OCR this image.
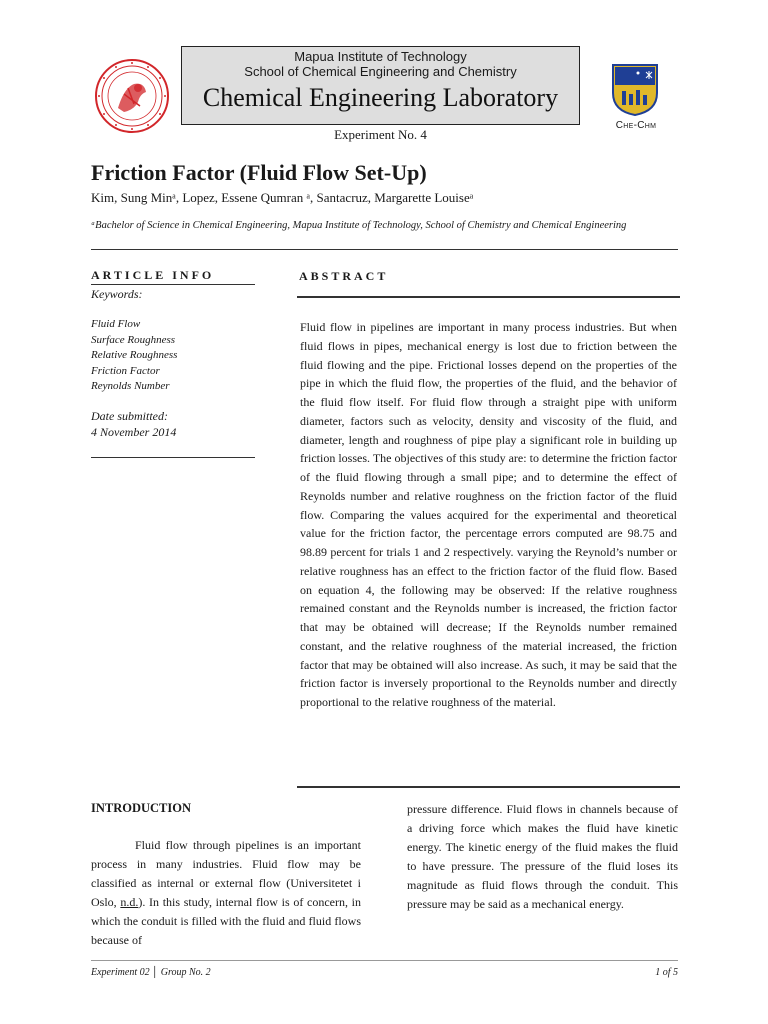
Mapua Institute of Technology
School of Chemical Engineering and Chemistry
Chemical Engineering Laboratory
Experiment No. 4
Che-Chm
Friction Factor (Fluid Flow Set-Up)
Kim, Sung Minᵃ, Lopez, Essene Qumran ᵃ, Santacruz, Margarette Louiseᵃ
ᵃBachelor of Science in Chemical Engineering, Mapua Institute of Technology, School of Chemistry and Chemical Engineering
ARTICLE INFO
Keywords:
Fluid Flow
Surface Roughness
Relative Roughness
Friction Factor
Reynolds Number
Date submitted:
4 November 2014
ABSTRACT
Fluid flow in pipelines are important in many process industries. But when fluid flows in pipes, mechanical energy is lost due to friction between the fluid flowing and the pipe. Frictional losses depend on the properties of the pipe in which the fluid flow, the properties of the fluid, and the behavior of the fluid flow itself. For fluid flow through a straight pipe with uniform diameter, factors such as velocity, density and viscosity of the fluid, and diameter, length and roughness of pipe play a significant role in building up friction losses. The objectives of this study are: to determine the friction factor of the fluid flowing through a small pipe; and to determine the effect of Reynolds number and relative roughness on the friction factor of the fluid flow. Comparing the values acquired for the experimental and theoretical value for the friction factor, the percentage errors computed are 98.75 and 98.89 percent for trials 1 and 2 respectively. varying the Reynold’s number or relative roughness has an effect to the friction factor of the fluid flow. Based on equation 4, the following may be observed: If the relative roughness remained constant and the Reynolds number is increased, the friction factor that may be obtained will decrease; If the Reynolds number remained constant, and the relative roughness of the material increased, the friction factor that may be obtained will also increase. As such, it may be said that the friction factor is inversely proportional to the Reynolds number and directly proportional to the relative roughness of the material.
INTRODUCTION
Fluid flow through pipelines is an important process in many industries. Fluid flow may be classified as internal or external flow (Universitetet i Oslo, n.d.). In this study, internal flow is of concern, in which the conduit is filled with the fluid and fluid flows because of
pressure difference. Fluid flows in channels because of a driving force which makes the fluid have kinetic energy. The kinetic energy of the fluid makes the fluid to have pressure. The pressure of the fluid loses its magnitude as fluid flows through the conduit. This pressure may be said as a mechanical energy.
Experiment 02 │ Group No. 2	1 of 5
